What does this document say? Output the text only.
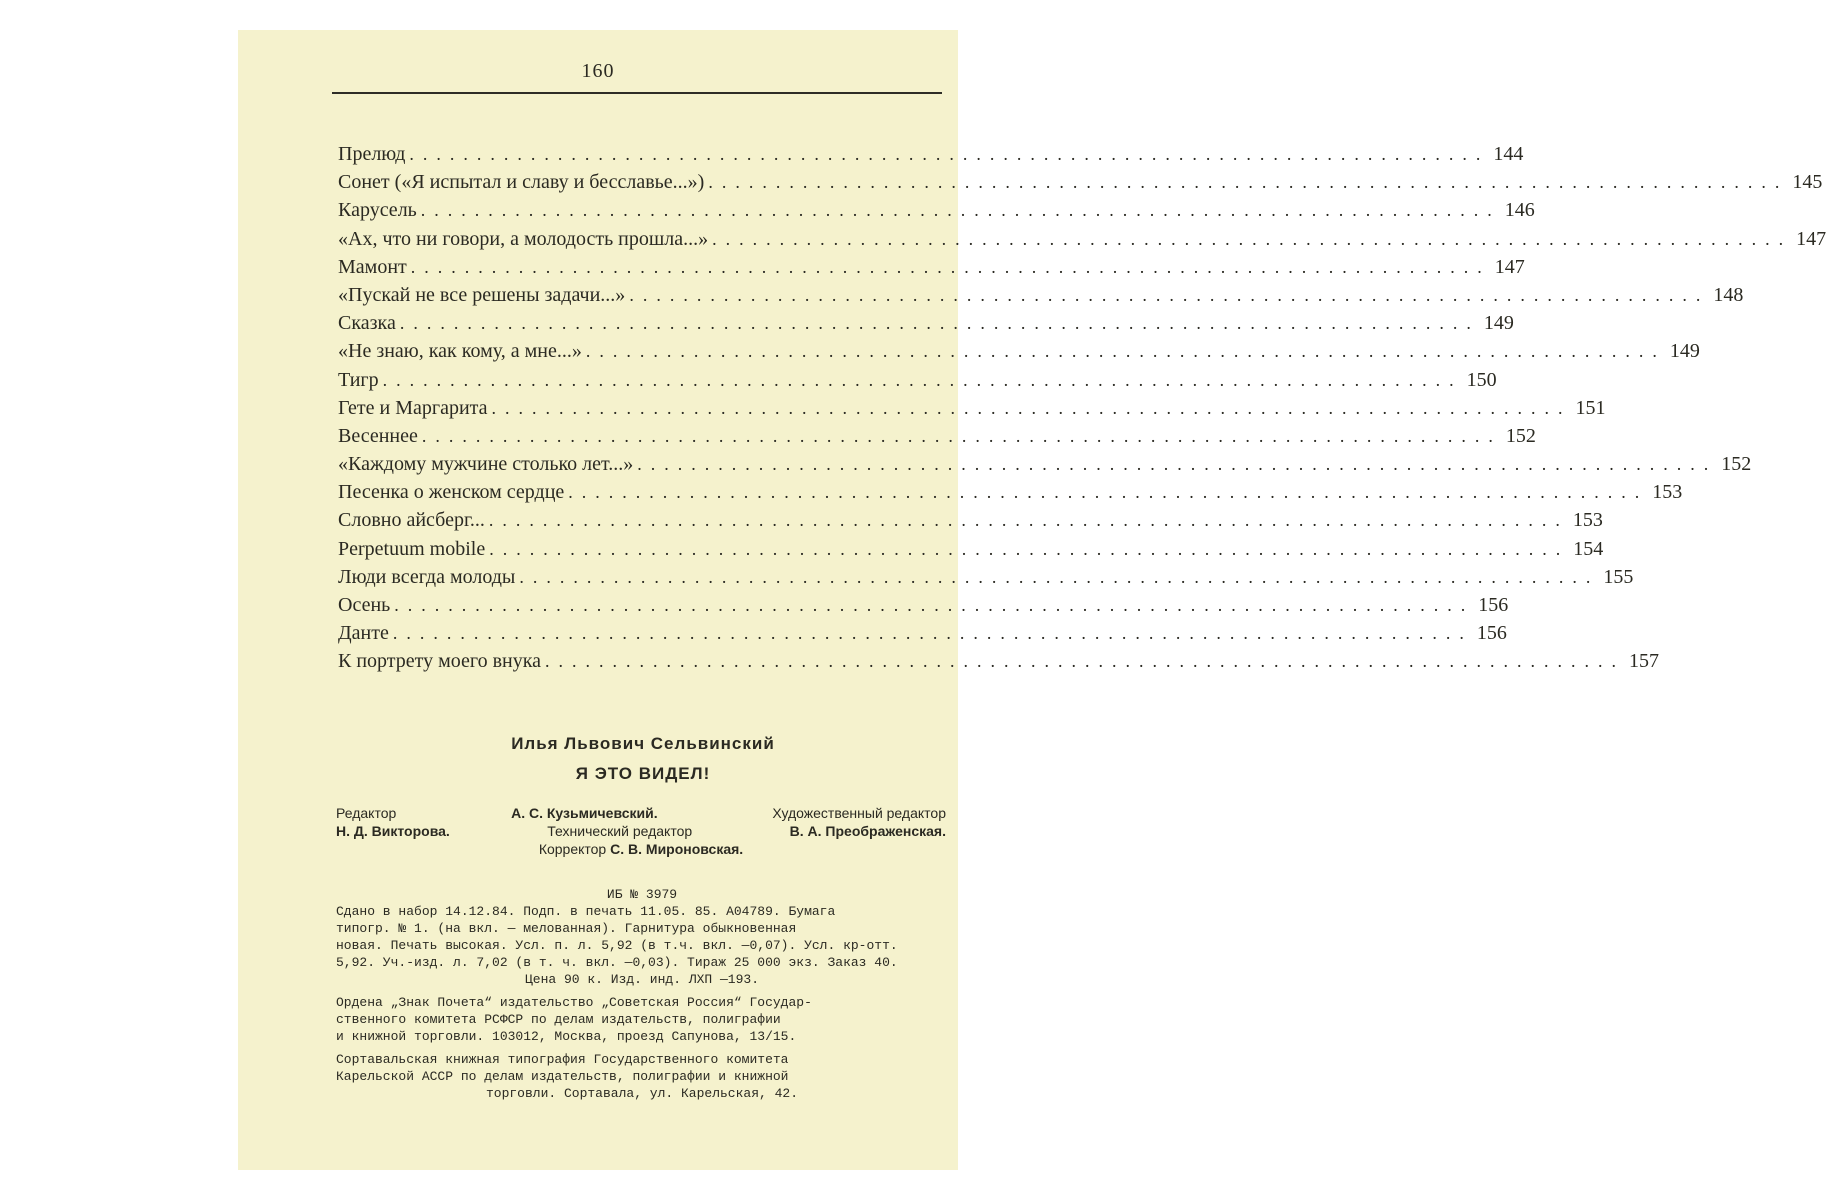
160
Прелюд ................................................................................ 144
Сонет («Я испытал и славу и бесславье...») ................................................................................ 145
Карусель ................................................................................ 146
«Ах, что ни говори, а молодость прошла...» ................................................................................ 147
Мамонт ................................................................................ 147
«Пускай не все решены задачи...» ................................................................................ 148
Сказка ................................................................................ 149
«Не знаю, как кому, а мне...» ................................................................................ 149
Тигр ................................................................................ 150
Гете и Маргарита ................................................................................ 151
Весеннее ................................................................................ 152
«Каждому мужчине столько лет...» ................................................................................ 152
Песенка о женском сердце ................................................................................ 153
Словно айсберг... ................................................................................ 153
Perpetuum mobile ................................................................................ 154
Люди всегда молоды ................................................................................ 155
Осень ................................................................................ 156
Данте ................................................................................ 156
К портрету моего внука ................................................................................ 157
Илья Львович Сельвинский
Я ЭТО ВИДЕЛ!
Редактор	А. С. Кузьмичевский.	Художественный редактор
Н. Д. Викторова.	Технический редактор	В. А. Преображенская.
Корректор С. В. Мироновская.
ИБ № 3979
Сдано в набор 14.12.84. Подп. в печать 11.05. 85. А04789. Бумага
типогр. № 1. (на вкл. — мелованная). Гарнитура обыкновенная
новая. Печать высокая. Усл. п. л. 5,92 (в т.ч. вкл. —0,07). Усл. кр-отт.
5,92. Уч.-изд. л. 7,02 (в т. ч. вкл. —0,03). Тираж 25 000 экз. Заказ 40.
Цена 90 к. Изд. инд. ЛХП —193.
Ордена „Знак Почета“ издательство „Советская Россия“ Государ-
ственного комитета РСФСР по делам издательств, полиграфии
и книжной торговли. 103012, Москва, проезд Сапунова, 13/15.
Сортавальская книжная типография Государственного комитета
Карельской АССР по делам издательств, полиграфии и книжной
торговли. Сортавала, ул. Карельская, 42.
